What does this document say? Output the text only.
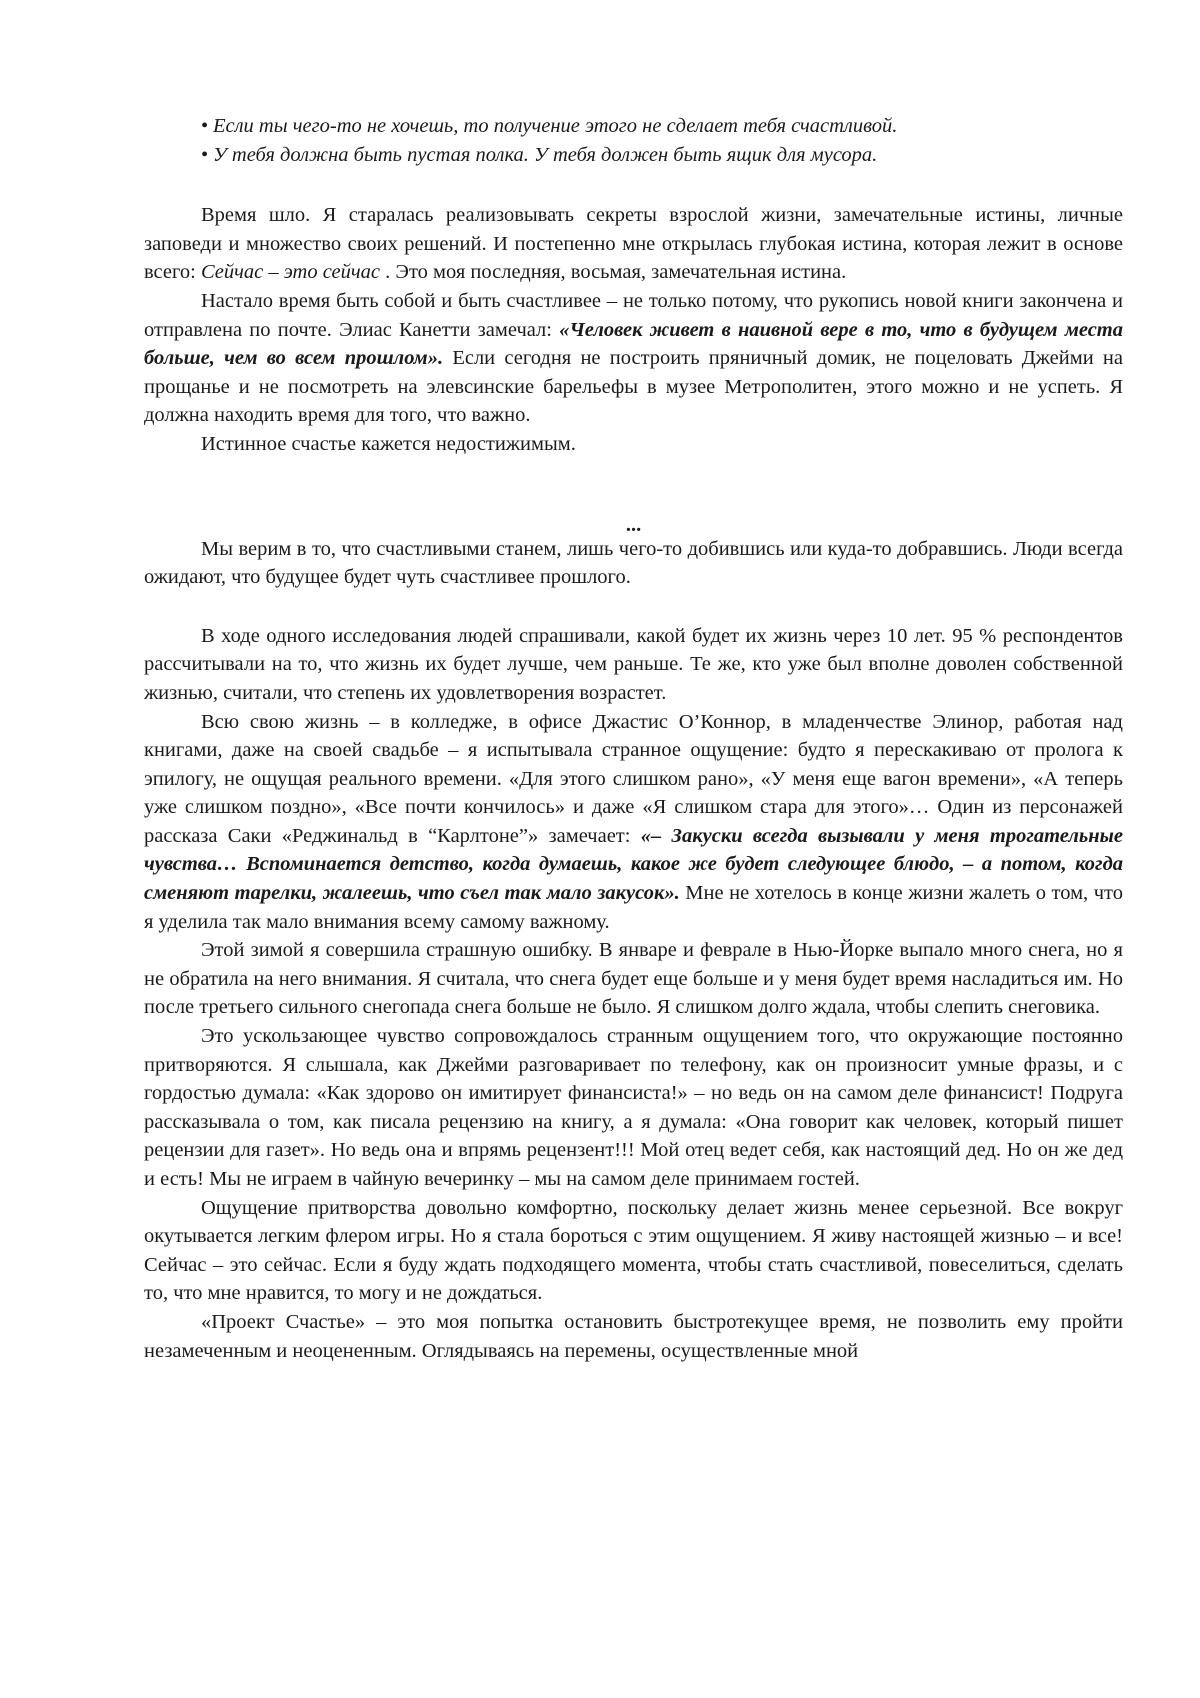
• Если ты чего-то не хочешь, то получение этого не сделает тебя счастливой.

• У тебя должна быть пустая полка. У тебя должен быть ящик для мусора.

Время шло. Я старалась реализовывать секреты взрослой жизни, замечательные истины, личные заповеди и множество своих решений. И постепенно мне открылась глубокая истина, которая лежит в основе всего: Сейчас – это сейчас . Это моя последняя, восьмая, замечательная истина.

Настало время быть собой и быть счастливее – не только потому, что рукопись новой книги закончена и отправлена по почте. Элиас Канетти замечал: «Человек живет в наивной вере в то, что в будущем места больше, чем во всем прошлом». Если сегодня не построить пряничный домик, не поцеловать Джейми на прощанье и не посмотреть на элевсинские барельефы в музее Метрополитен, этого можно и не успеть. Я должна находить время для того, что важно.

Истинное счастье кажется недостижимым.

...

Мы верим в то, что счастливыми станем, лишь чего-то добившись или куда-то добравшись. Люди всегда ожидают, что будущее будет чуть счастливее прошлого.

В ходе одного исследования людей спрашивали, какой будет их жизнь через 10 лет. 95 % респондентов рассчитывали на то, что жизнь их будет лучше, чем раньше. Те же, кто уже был вполне доволен собственной жизнью, считали, что степень их удовлетворения возрастет.

Всю свою жизнь – в колледже, в офисе Джастис О’Коннор, в младенчестве Элинор, работая над книгами, даже на своей свадьбе – я испытывала странное ощущение: будто я перескакиваю от пролога к эпилогу, не ощущая реального времени. «Для этого слишком рано», «У меня еще вагон времени», «А теперь уже слишком поздно», «Все почти кончилось» и даже «Я слишком стара для этого»… Один из персонажей рассказа Саки «Реджинальд в “Карлтоне”» замечает: «– Закуски всегда вызывали у меня трогательные чувства… Вспоминается детство, когда думаешь, какое же будет следующее блюдо, – а потом, когда сменяют тарелки, жалеешь, что съел так мало закусок». Мне не хотелось в конце жизни жалеть о том, что я уделила так мало внимания всему самому важному.

Этой зимой я совершила страшную ошибку. В январе и феврале в Нью-Йорке выпало много снега, но я не обратила на него внимания. Я считала, что снега будет еще больше и у меня будет время насладиться им. Но после третьего сильного снегопада снега больше не было. Я слишком долго ждала, чтобы слепить снеговика.

Это ускользающее чувство сопровождалось странным ощущением того, что окружающие постоянно притворяются. Я слышала, как Джейми разговаривает по телефону, как он произносит умные фразы, и с гордостью думала: «Как здорово он имитирует финансиста!» – но ведь он на самом деле финансист! Подруга рассказывала о том, как писала рецензию на книгу, а я думала: «Она говорит как человек, который пишет рецензии для газет». Но ведь она и впрямь рецензент!!! Мой отец ведет себя, как настоящий дед. Но он же дед и есть! Мы не играем в чайную вечеринку – мы на самом деле принимаем гостей.

Ощущение притворства довольно комфортно, поскольку делает жизнь менее серьезной. Все вокруг окутывается легким флером игры. Но я стала бороться с этим ощущением. Я живу настоящей жизнью – и все! Сейчас – это сейчас. Если я буду ждать подходящего момента, чтобы стать счастливой, повеселиться, сделать то, что мне нравится, то могу и не дождаться.

«Проект Счастье» – это моя попытка остановить быстротекущее время, не позволить ему пройти незамеченным и неоцененным. Оглядываясь на перемены, осуществленные мной
